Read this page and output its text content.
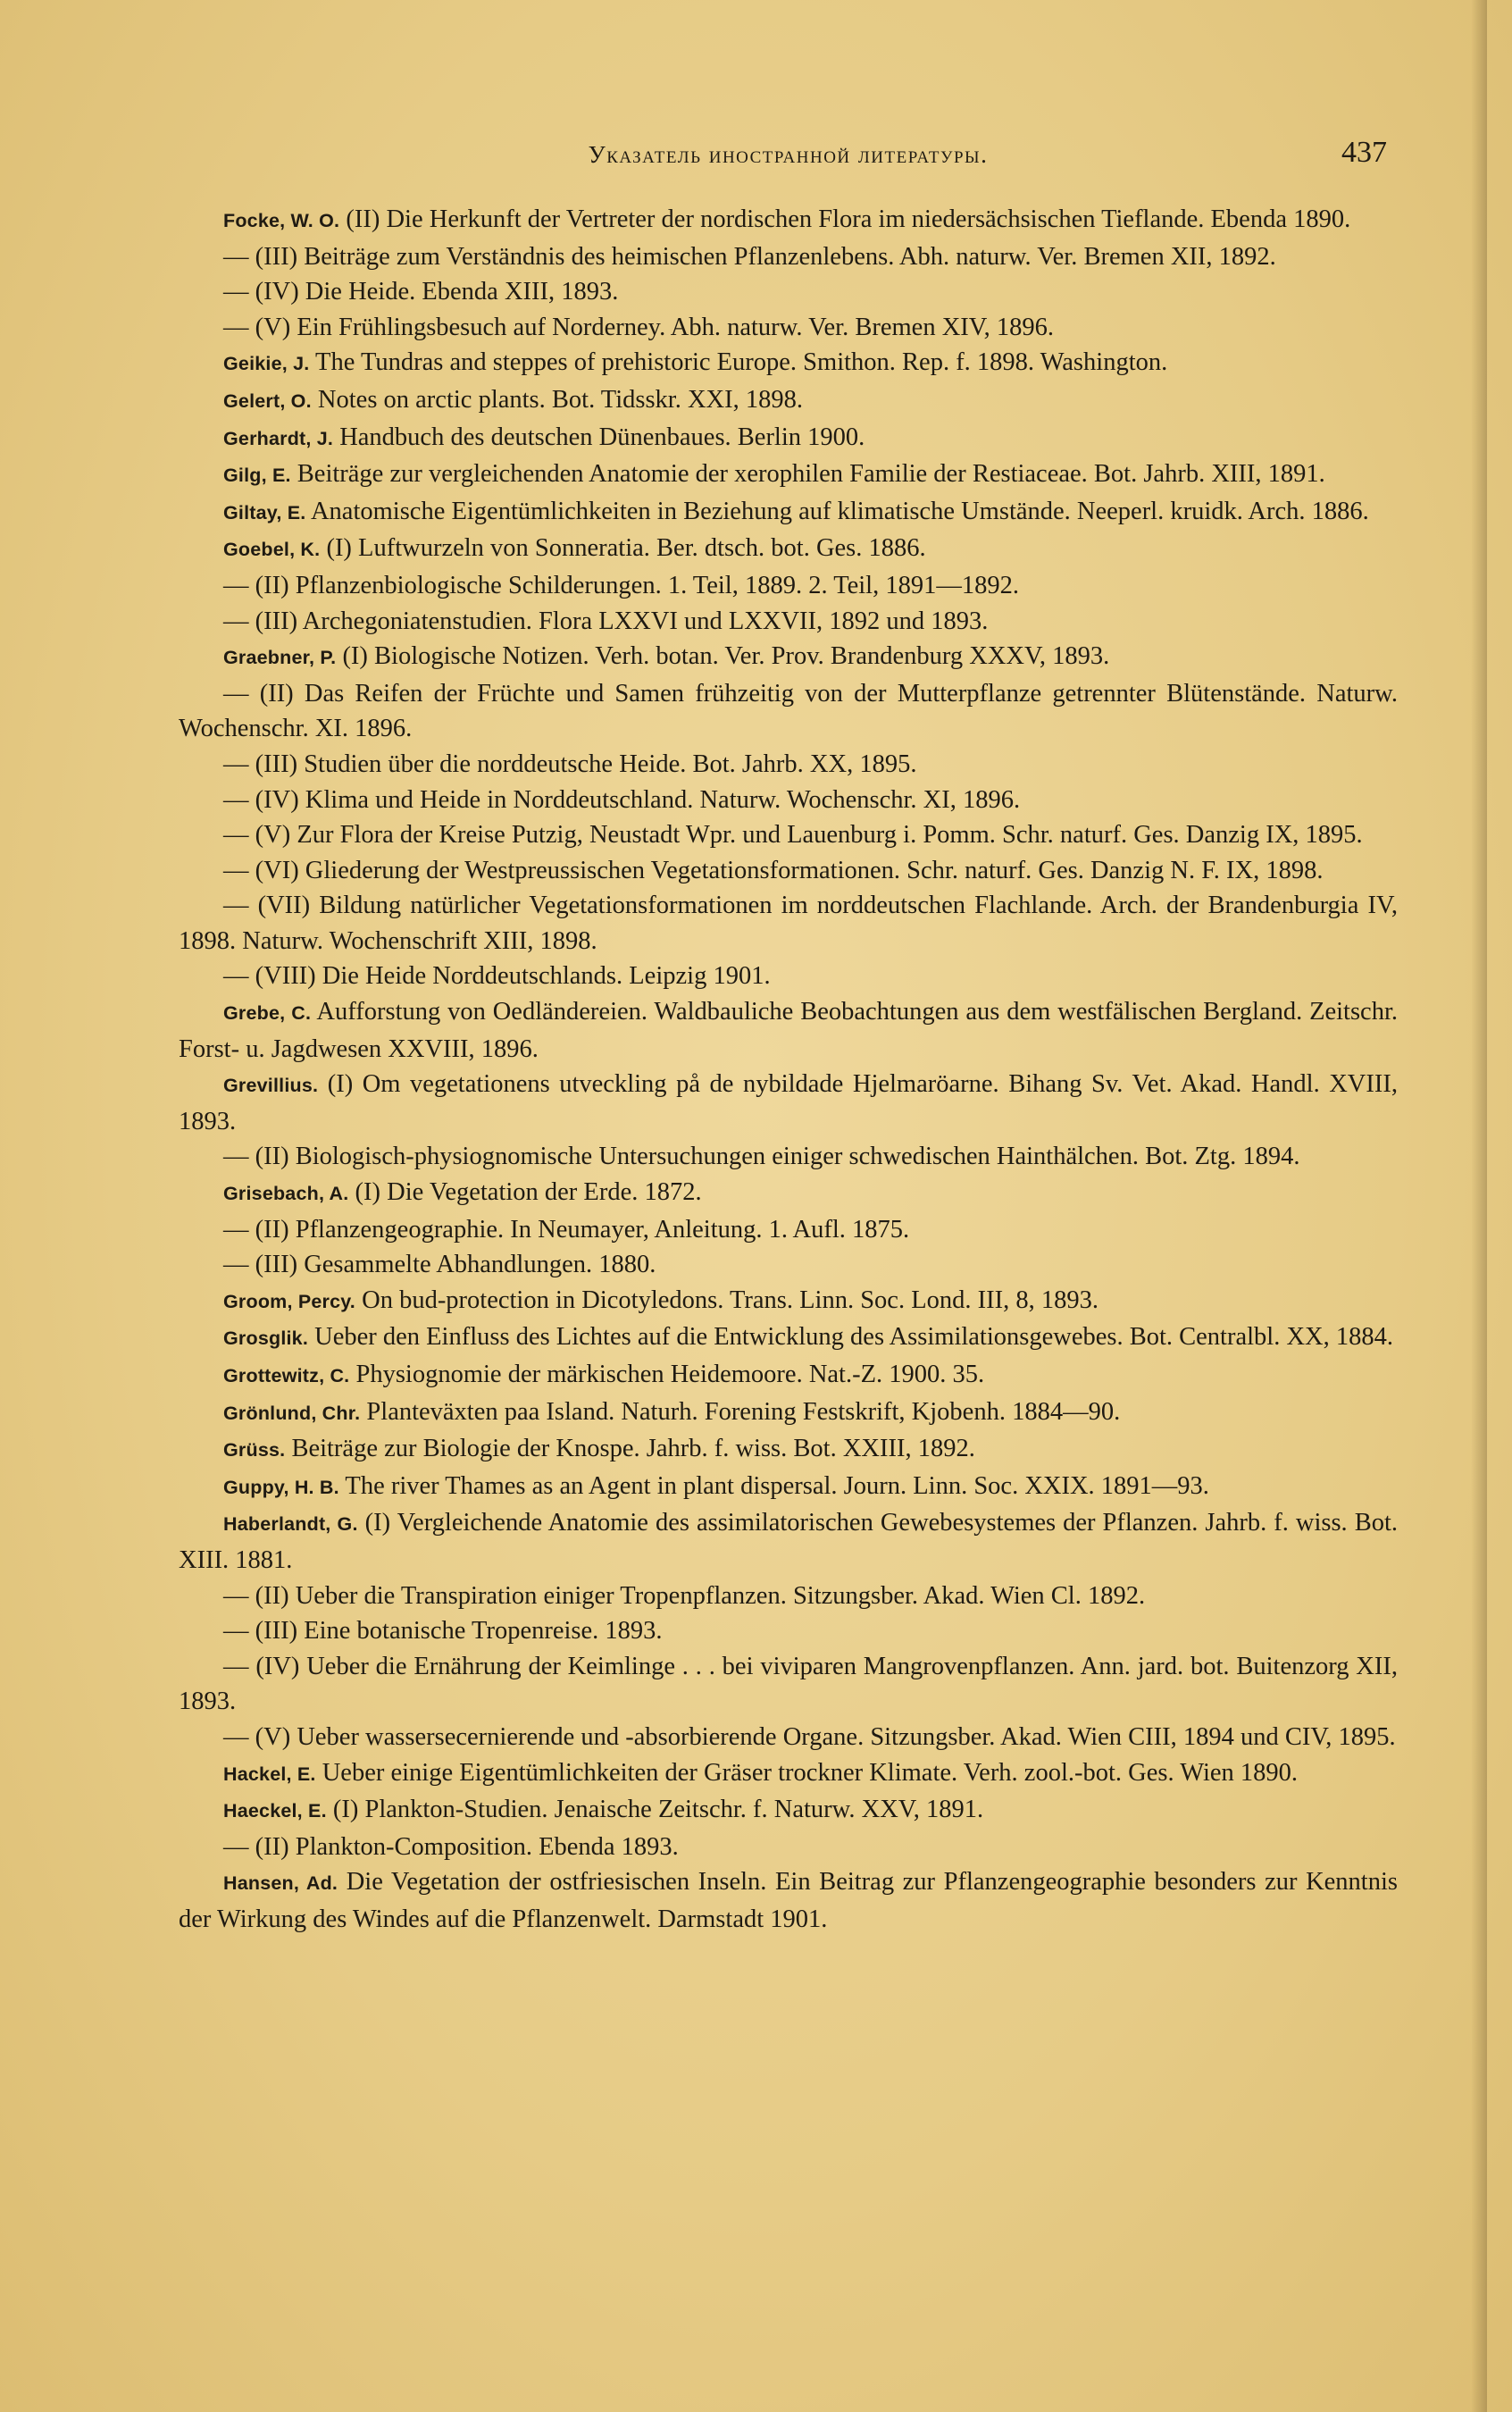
Указатель иностранной литературы.	437

Focke, W. O. (II) Die Herkunft der Vertreter der nordischen Flora im niedersächsischen Tieflande. Ebenda 1890.

— (III) Beiträge zum Verständnis des heimischen Pflanzenlebens. Abh. naturw. Ver. Bremen XII, 1892.

— (IV) Die Heide. Ebenda XIII, 1893.

— (V) Ein Frühlingsbesuch auf Norderney. Abh. naturw. Ver. Bremen XIV, 1896.

Geikie, J. The Tundras and steppes of prehistoric Europe. Smithon. Rep. f. 1898. Washington.

Gelert, O. Notes on arctic plants. Bot. Tidsskr. XXI, 1898.

Gerhardt, J. Handbuch des deutschen Dünenbaues. Berlin 1900.

Gilg, E. Beiträge zur vergleichenden Anatomie der xerophilen Familie der Restiaceae. Bot. Jahrb. XIII, 1891.

Giltay, E. Anatomische Eigentümlichkeiten in Beziehung auf klimatische Umstände. Neeperl. kruidk. Arch. 1886.

Goebel, K. (I) Luftwurzeln von Sonneratia. Ber. dtsch. bot. Ges. 1886.

— (II) Pflanzenbiologische Schilderungen. 1. Teil, 1889. 2. Teil, 1891—1892.

— (III) Archegoniatenstudien. Flora LXXVI und LXXVII, 1892 und 1893.

Graebner, P. (I) Biologische Notizen. Verh. botan. Ver. Prov. Brandenburg XXXV, 1893.

— (II) Das Reifen der Früchte und Samen frühzeitig von der Mutterpflanze getrennter Blütenstände. Naturw. Wochenschr. XI. 1896.

— (III) Studien über die norddeutsche Heide. Bot. Jahrb. XX, 1895.

— (IV) Klima und Heide in Norddeutschland. Naturw. Wochenschr. XI, 1896.

— (V) Zur Flora der Kreise Putzig, Neustadt Wpr. und Lauenburg i. Pomm. Schr. naturf. Ges. Danzig IX, 1895.

— (VI) Gliederung der Westpreussischen Vegetationsformationen. Schr. naturf. Ges. Danzig N. F. IX, 1898.

— (VII) Bildung natürlicher Vegetationsformationen im norddeutschen Flachlande. Arch. der Brandenburgia IV, 1898. Naturw. Wochenschrift XIII, 1898.

— (VIII) Die Heide Norddeutschlands. Leipzig 1901.

Grebe, C. Aufforstung von Oedländereien. Waldbauliche Beobachtungen aus dem westfälischen Bergland. Zeitschr. Forst- u. Jagdwesen XXVIII, 1896.

Grevillius. (I) Om vegetationens utveckling på de nybildade Hjelmaröarne. Bihang Sv. Vet. Akad. Handl. XVIII, 1893.

— (II) Biologisch-physiognomische Untersuchungen einiger schwedischen Hainthälchen. Bot. Ztg. 1894.

Grisebach, A. (I) Die Vegetation der Erde. 1872.

— (II) Pflanzengeographie. In Neumayer, Anleitung. 1. Aufl. 1875.

— (III) Gesammelte Abhandlungen. 1880.

Groom, Percy. On bud-protection in Dicotyledons. Trans. Linn. Soc. Lond. III, 8, 1893.

Grosglik. Ueber den Einfluss des Lichtes auf die Entwicklung des Assimilationsgewebes. Bot. Centralbl. XX, 1884.

Grottewitz, C. Physiognomie der märkischen Heidemoore. Nat.-Z. 1900. 35.

Grönlund, Chr. Planteväxten paa Island. Naturh. Forening Festskrift, Kjobenh. 1884—90.

Grüss. Beiträge zur Biologie der Knospe. Jahrb. f. wiss. Bot. XXIII, 1892.

Guppy, H. B. The river Thames as an Agent in plant dispersal. Journ. Linn. Soc. XXIX. 1891—93.

Haberlandt, G. (I) Vergleichende Anatomie des assimilatorischen Gewebesystemes der Pflanzen. Jahrb. f. wiss. Bot. XIII. 1881.

— (II) Ueber die Transpiration einiger Tropenpflanzen. Sitzungsber. Akad. Wien Cl. 1892.

— (III) Eine botanische Tropenreise. 1893.

— (IV) Ueber die Ernährung der Keimlinge . . . bei viviparen Mangrovenpflanzen. Ann. jard. bot. Buitenzorg XII, 1893.

— (V) Ueber wassersecernierende und -absorbierende Organe. Sitzungsber. Akad. Wien CIII, 1894 und CIV, 1895.

Hackel, E. Ueber einige Eigentümlichkeiten der Gräser trockner Klimate. Verh. zool.-bot. Ges. Wien 1890.

Haeckel, E. (I) Plankton-Studien. Jenaische Zeitschr. f. Naturw. XXV, 1891.

— (II) Plankton-Composition. Ebenda 1893.

Hansen, Ad. Die Vegetation der ostfriesischen Inseln. Ein Beitrag zur Pflanzengeographie besonders zur Kenntnis der Wirkung des Windes auf die Pflanzenwelt. Darmstadt 1901.
